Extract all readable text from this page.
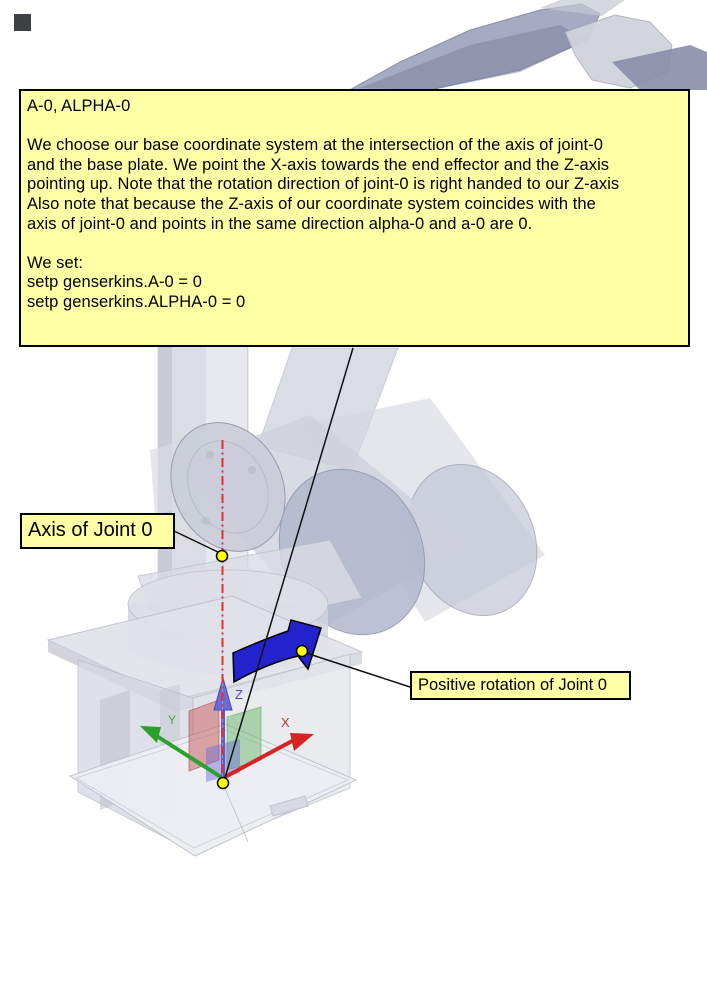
Y	X
Z
A-0, ALPHA-0
We choose our base coordinate system at the intersection of the axis of joint-0
and the base plate. We point the X-axis towards the end effector and the Z-axis
pointing up. Note that the rotation direction of joint-0 is right handed to our Z-axis
Also note that because the Z-axis of our coordinate system coincides with the
axis of joint-0 and points in the same direction alpha-0 and a-0 are 0.
We set:
setp genserkins.A-0 = 0
setp genserkins.ALPHA-0 = 0
Axis of Joint 0
Positive rotation of Joint 0
